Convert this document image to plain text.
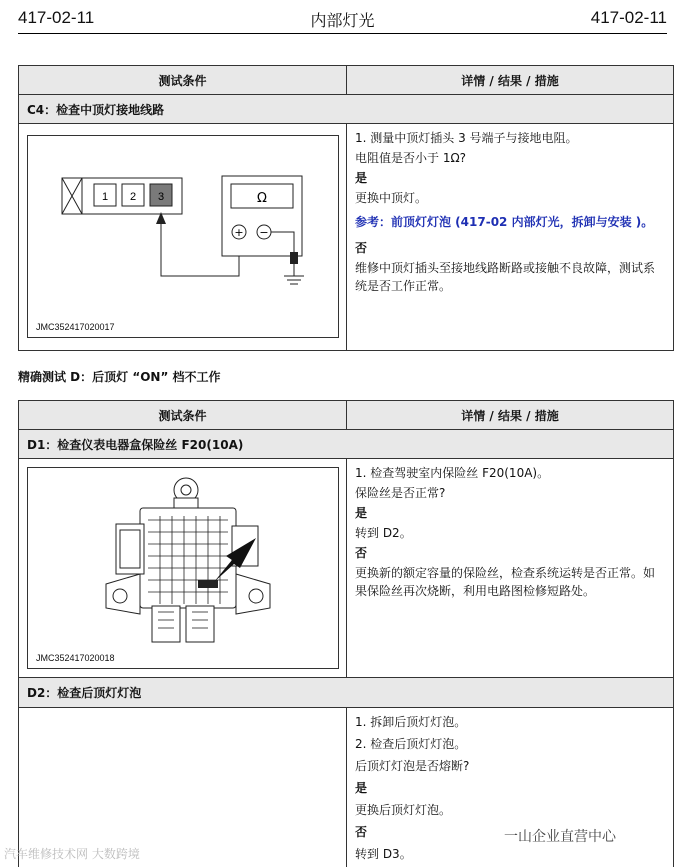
417-02-11	内部灯光	417-02-11
测试条件	详情 / 结果 / 措施
C4：检查中顶灯接地线路
1 2 3	Ω
+ −
JMC352417020017
1. 测量中顶灯插头 3 号端子与接地电阻。
电阻值是否小于 1Ω?
是
更换中顶灯。
参考：前顶灯灯泡 (417-02 内部灯光，拆卸与安装 )。
否
维修中顶灯插头至接地线路断路或接触不良故障，测试系统是否工作正常。
精确测试 D：后顶灯 “ON” 档不工作
测试条件	详情 / 结果 / 措施
D1：检查仪表电器盒保险丝 F20(10A)
JMC352417020018
1. 检查驾驶室内保险丝 F20(10A)。
保险丝是否正常?
是
转到 D2。
否
更换新的额定容量的保险丝，检查系统运转是否正常。如果保险丝再次烧断，利用电路图检修短路处。
D2：检查后顶灯灯泡
1. 拆卸后顶灯灯泡。
2. 检查后顶灯灯泡。
后顶灯灯泡是否熔断?
是
更换后顶灯灯泡。
否
转到 D3。
汽车维修技术网 大数跨境
一山企业直营中心
